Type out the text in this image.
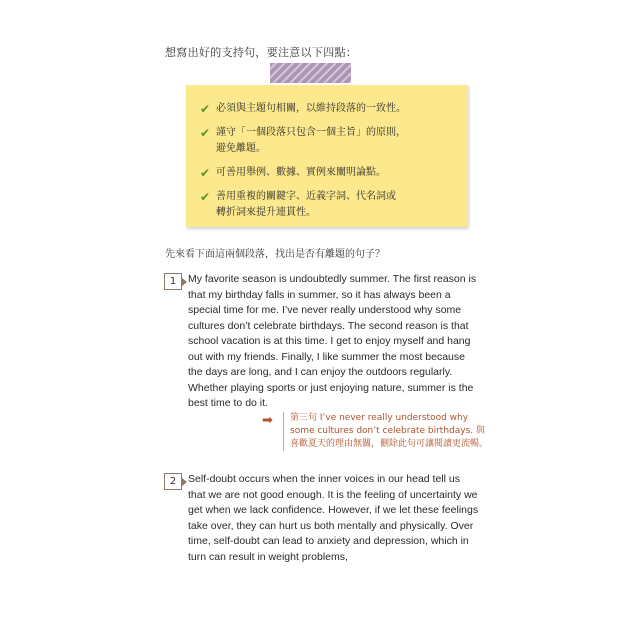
想寫出好的支持句，要注意以下四點：
✔ 必須與主題句相關，以維持段落的一致性。
✔ 謹守「一個段落只包含一個主旨」的原則，
避免離題。
✔ 可善用舉例、數據、實例來闡明論點。
✔ 善用重複的關鍵字、近義字詞、代名詞或
轉折詞來提升連貫性。
先來看下面這兩個段落，找出是否有離題的句子？
1	My favorite season is undoubtedly summer. The first reason is that my birthday falls in summer, so it has always been a special time for me. I’ve never really understood why some cultures don’t celebrate birthdays. The second reason is that school vacation is at this time. I get to enjoy myself and hang out with my friends. Finally, I like summer the most because the days are long, and I can enjoy the outdoors regularly. Whether playing sports or just enjoying nature, summer is the best time to do it.
➡	第三句 I’ve never really understood why some cultures don’t celebrate birthdays. 與喜歡夏天的理由無關，刪除此句可讓閱讀更流暢。
2	Self-doubt occurs when the inner voices in our head tell us that we are not good enough. It is the feeling of uncertainty we get when we lack confidence. However, if we let these feelings take over, they can hurt us both mentally and physically. Over time, self-doubt can lead to anxiety and depression, which in turn can result in weight problems,
